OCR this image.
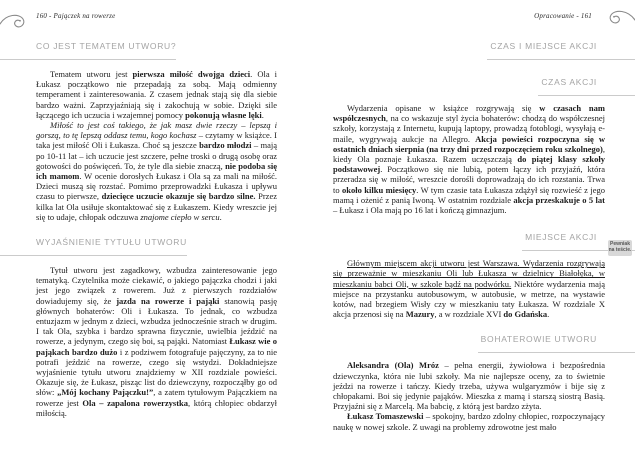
160 - Pajączek na rowerze
CO JEST TEMATEM UTWORU?

Tematem utworu jest pierwsza miłość dwojga dzieci. Ola i Łukasz początkowo nie przepadają za sobą. Mają odmienny temperament i zainteresowania. Z czasem jednak stają się dla siebie bardzo ważni. Zaprzyjaźniają się i zakochują w sobie. Dzięki sile łączącego ich uczucia i wzajemnej pomocy pokonują własne lęki.

Miłość to jest coś takiego, że jak masz dwie rzeczy – lepszą i gorszą, to tę lepszą oddasz temu, kogo kochasz – czytamy w książce. I taka jest miłość Oli i Łukasza. Choć są jeszcze bardzo młodzi – mają po 10-11 lat – ich uczucie jest szczere, pełne troski o drugą osobę oraz gotowości do poświęceń. To, że tyle dla siebie znaczą, nie podoba się ich mamom. W ocenie dorosłych Łukasz i Ola są za mali na miłość. Dzieci muszą się rozstać. Pomimo przeprowadzki Łukasza i upływu czasu to pierwsze, dziecięce uczucie okazuje się bardzo silne. Przez kilka lat Ola usiłuje skontaktować się z Łukaszem. Kiedy wreszcie jej się to udaje, chłopak odczuwa znajome ciepło w sercu.

WYJAŚNIENIE TYTUŁU UTWORU

Tytuł utworu jest zagadkowy, wzbudza zainteresowanie jego tematyką. Czytelnika może ciekawić, o jakiego pajączka chodzi i jaki jest jego związek z rowerem. Już z pierwszych rozdziałów dowiadujemy się, że jazda na rowerze i pająki stanowią pasję głównych bohaterów: Oli i Łukasza. To jednak, co wzbudza entuzjazm w jednym z dzieci, wzbudza jednocześnie strach w drugim. I tak Ola, szybka i bardzo sprawna fizycznie, uwielbia jeździć na rowerze, a jedynym, czego się boi, są pająki. Natomiast Łukasz wie o pająkach bardzo dużo i z podziwem fotografuje pajęczyny, za to nie potrafi jeździć na rowerze, czego się wstydzi. Dokładniejsze wyjaśnienie tytułu utworu znajdziemy w XII rozdziale powieści. Okazuje się, że Łukasz, pisząc list do dziewczyny, rozpocząłby go od słów: „Mój kochany Pajączku!”, a zatem tytułowym Pajączkiem na rowerze jest Ola – zapalona rowerzystka, którą chłopiec obdarzył miłością.

Opracowanie - 161
CZAS I MIEJSCE AKCJI
CZAS AKCJI

Wydarzenia opisane w książce rozgrywają się w czasach nam współczesnych, na co wskazuje styl życia bohaterów: chodzą do współczesnej szkoły, korzystają z Internetu, kupują laptopy, prowadzą fotoblogi, wysyłają e-maile, wygrywają aukcje na Allegro. Akcja powieści rozpoczyna się w ostatnich dniach sierpnia (na trzy dni przed rozpoczęciem roku szkolnego), kiedy Ola poznaje Łukasza. Razem uczęszczają do piątej klasy szkoły podstawowej. Początkowo się nie lubią, potem łączy ich przyjaźń, która przeradza się w miłość, wreszcie dorośli doprowadzają do ich rozstania. Trwa to około kilku miesięcy. W tym czasie tata Łukasza zdążył się rozwieść z jego mamą i ożenić z panią Iwoną. W ostatnim rozdziale akcja przeskakuje o 5 lat – Łukasz i Ola mają po 16 lat i kończą gimnazjum.

MIEJSCE AKCJI

Głównym miejscem akcji utworu jest Warszawa. Wydarzenia rozgrywają się przeważnie w mieszkaniu Oli lub Łukasza w dzielnicy Białołęka, w mieszkaniu babci Oli, w szkole bądź na podwórku. Niektóre wydarzenia mają miejsce na przystanku autobusowym, w autobusie, w metrze, na wystawie kotów, nad brzegiem Wisły czy w mieszkaniu taty Łukasza. W rozdziale X akcja przenosi się na Mazury, a w rozdziale XVI do Gdańska.

BOHATEROWIE UTWORU

Aleksandra (Ola) Mróz – pełna energii, żywiołowa i bezpośrednia dziewczynka, która nie lubi szkoły. Ma nie najlepsze oceny, za to świetnie jeździ na rowerze i tańczy. Kiedy trzeba, używa wulgaryzmów i bije się z chłopakami. Boi się jedynie pająków. Mieszka z mamą i starszą siostrą Basią. Przyjaźni się z Marcelą. Ma babcię, z którą jest bardzo zżyta.

Łukasz Tomaszewski – spokojny, bardzo zdolny chłopiec, rozpoczynający naukę w nowej szkole. Z uwagi na problemy zdrowotne jest mało

Pewniak
na teście.
